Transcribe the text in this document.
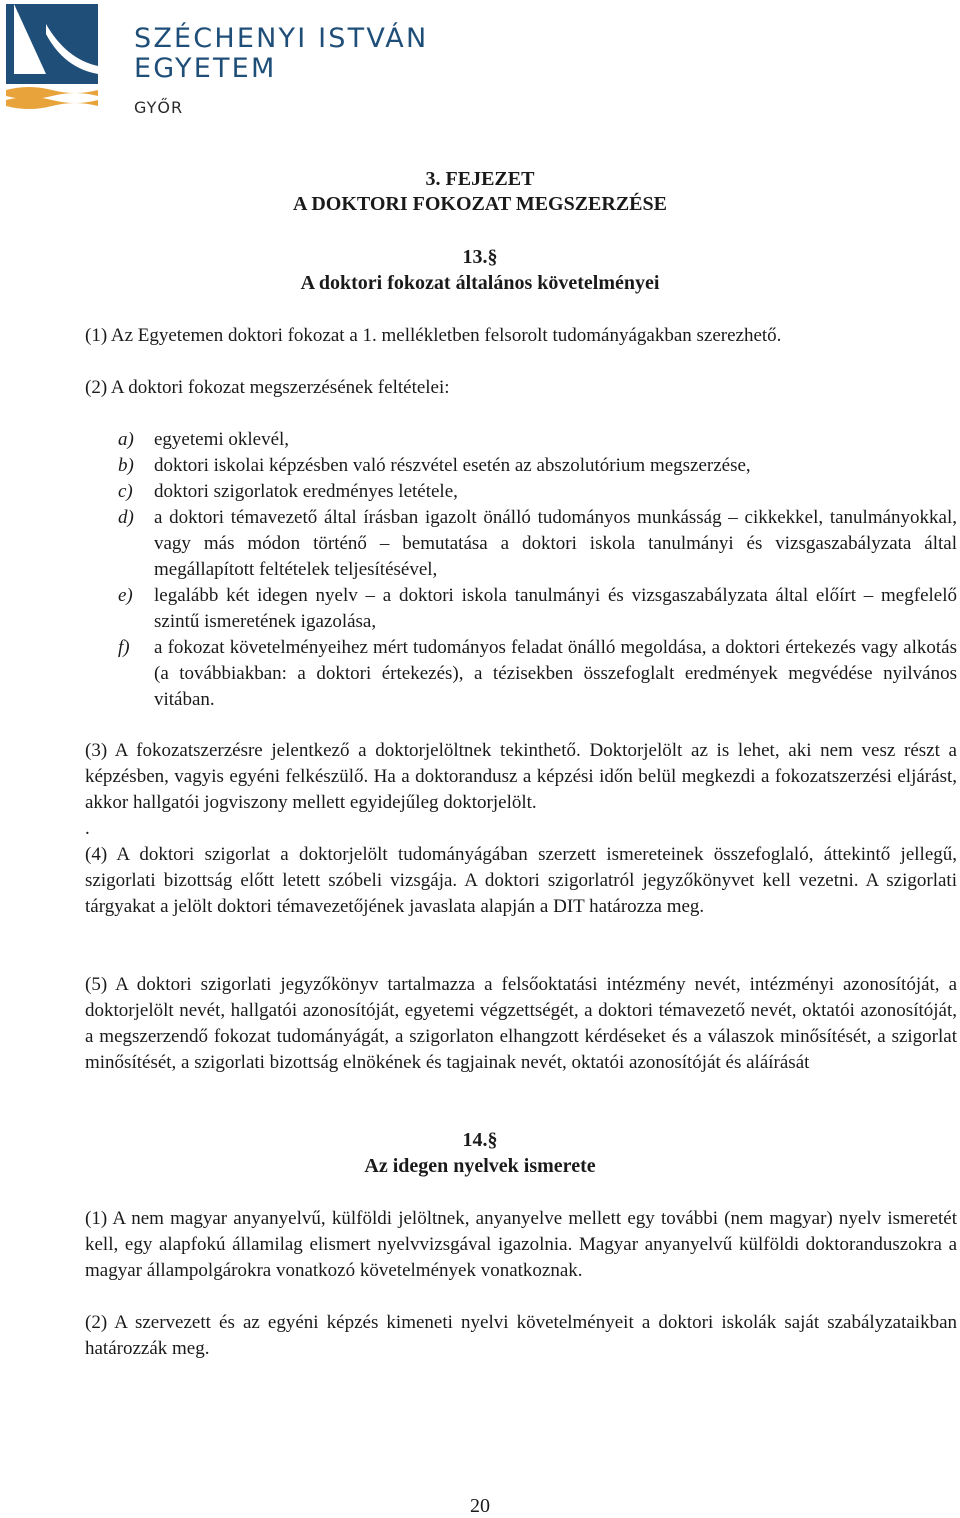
SZÉCHENYI ISTVÁN
EGYETEM
GYŐR
3. FEJEZET
A DOKTORI FOKOZAT MEGSZERZÉSE
13.§
A doktori fokozat általános követelményei

(1) Az Egyetemen doktori fokozat a 1. mellékletben felsorolt tudományágakban szerezhető.

(2) A doktori fokozat megszerzésének feltételei:

a) egyetemi oklevél,
b) doktori iskolai képzésben való részvétel esetén az abszolutórium megszerzése,
c) doktori szigorlatok eredményes letétele,
d) a doktori témavezető által írásban igazolt önálló tudományos munkásság – cikkekkel, tanulmányokkal, vagy más módon történő – bemutatása a doktori iskola tanulmányi és vizsgaszabályzata által megállapított feltételek teljesítésével,
e) legalább két idegen nyelv – a doktori iskola tanulmányi és vizsgaszabályzata által előírt – megfelelő szintű ismeretének igazolása,
f) a fokozat követelményeihez mért tudományos feladat önálló megoldása, a doktori értekezés vagy alkotás (a továbbiakban: a doktori értekezés), a tézisekben összefoglalt eredmények megvédése nyilvános vitában.

(3) A fokozatszerzésre jelentkező a doktorjelöltnek tekinthető. Doktorjelölt az is lehet, aki nem vesz részt a képzésben, vagyis egyéni felkészülő. Ha a doktorandusz a képzési időn belül megkezdi a fokozatszerzési eljárást, akkor hallgatói jogviszony mellett egyidejűleg doktorjelölt.

.

(4) A doktori szigorlat a doktorjelölt tudományágában szerzett ismereteinek összefoglaló, áttekintő jellegű, szigorlati bizottság előtt letett szóbeli vizsgája. A doktori szigorlatról jegyzőkönyvet kell vezetni. A szigorlati tárgyakat a jelölt doktori témavezetőjének javaslata alapján a DIT határozza meg.

(5) A doktori szigorlati jegyzőkönyv tartalmazza a felsőoktatási intézmény nevét, intézményi azonosítóját, a doktorjelölt nevét, hallgatói azonosítóját, egyetemi végzettségét, a doktori témavezető nevét, oktatói azonosítóját, a megszerzendő fokozat tudományágát, a szigorlaton elhangzott kérdéseket és a válaszok minősítését, a szigorlat minősítését, a szigorlati bizottság elnökének és tagjainak nevét, oktatói azonosítóját és aláírását

14.§
Az idegen nyelvek ismerete

(1) A nem magyar anyanyelvű, külföldi jelöltnek, anyanyelve mellett egy további (nem magyar) nyelv ismeretét kell, egy alapfokú államilag elismert nyelvvizsgával igazolnia. Magyar anyanyelvű külföldi doktoranduszokra a magyar állampolgárokra vonatkozó követelmények vonatkoznak.

(2) A szervezett és az egyéni képzés kimeneti nyelvi követelményeit a doktori iskolák saját szabályzataikban határozzák meg.

20
